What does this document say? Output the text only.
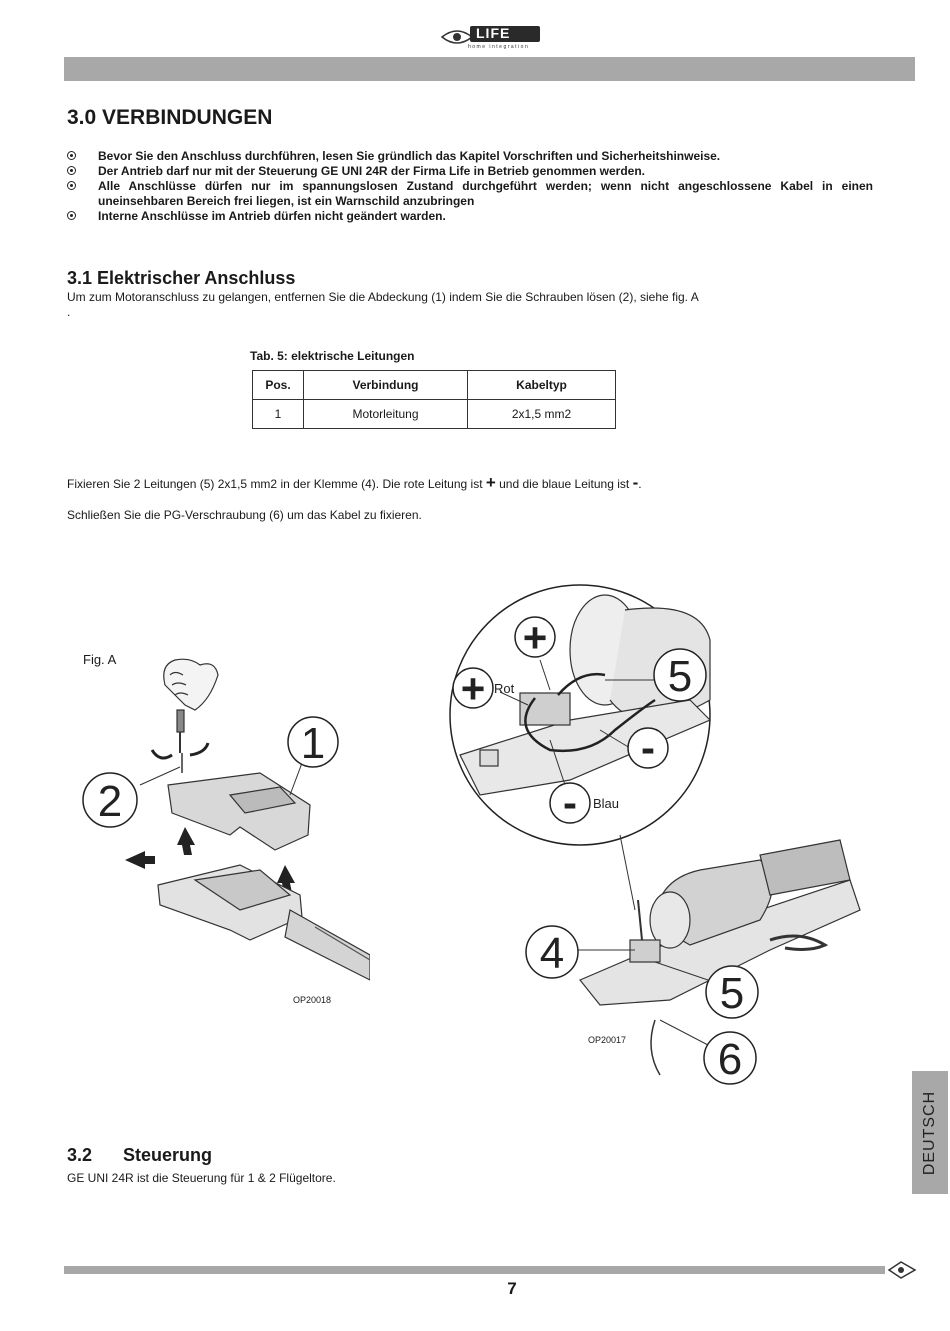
LIFE
home integration
3.0 VERBINDUNGEN
Bevor Sie den Anschluss durchführen, lesen Sie gründlich das Kapitel Vorschriften und Sicherheitshinweise.
Der Antrieb darf nur mit der Steuerung GE UNI 24R der Firma Life in Betrieb genommen werden.
Alle Anschlüsse dürfen nur im spannungslosen Zustand durchgeführt werden; wenn nicht angeschlossene Kabel in einen uneinsehbaren Bereich frei liegen, ist ein Warnschild anzubringen
Interne Anschlüsse im Antrieb dürfen nicht geändert warden.
3.1 Elektrischer Anschluss
Um zum Motoranschluss zu gelangen, entfernen Sie die Abdeckung (1) indem Sie die Schrauben lösen (2), siehe fig. A
.
Tab. 5: elektrische Leitungen
Pos.	Verbindung	Kabeltyp
1	Motorleitung	2x1,5 mm2
Fixieren Sie 2 Leitungen (5) 2x1,5 mm2 in der Klemme (4). Die rote Leitung ist + und die blaue Leitung ist -.
Schließen Sie die PG-Verschraubung (6) um das Kabel zu fixieren.
Fig. A
1
2
OP20018
+
+
-
-
Rot
Blau
5
4
5
6
OP20017
3.2 Steuerung
GE UNI 24R ist die Steuerung für 1 & 2 Flügeltore.
DEUTSCH
7
